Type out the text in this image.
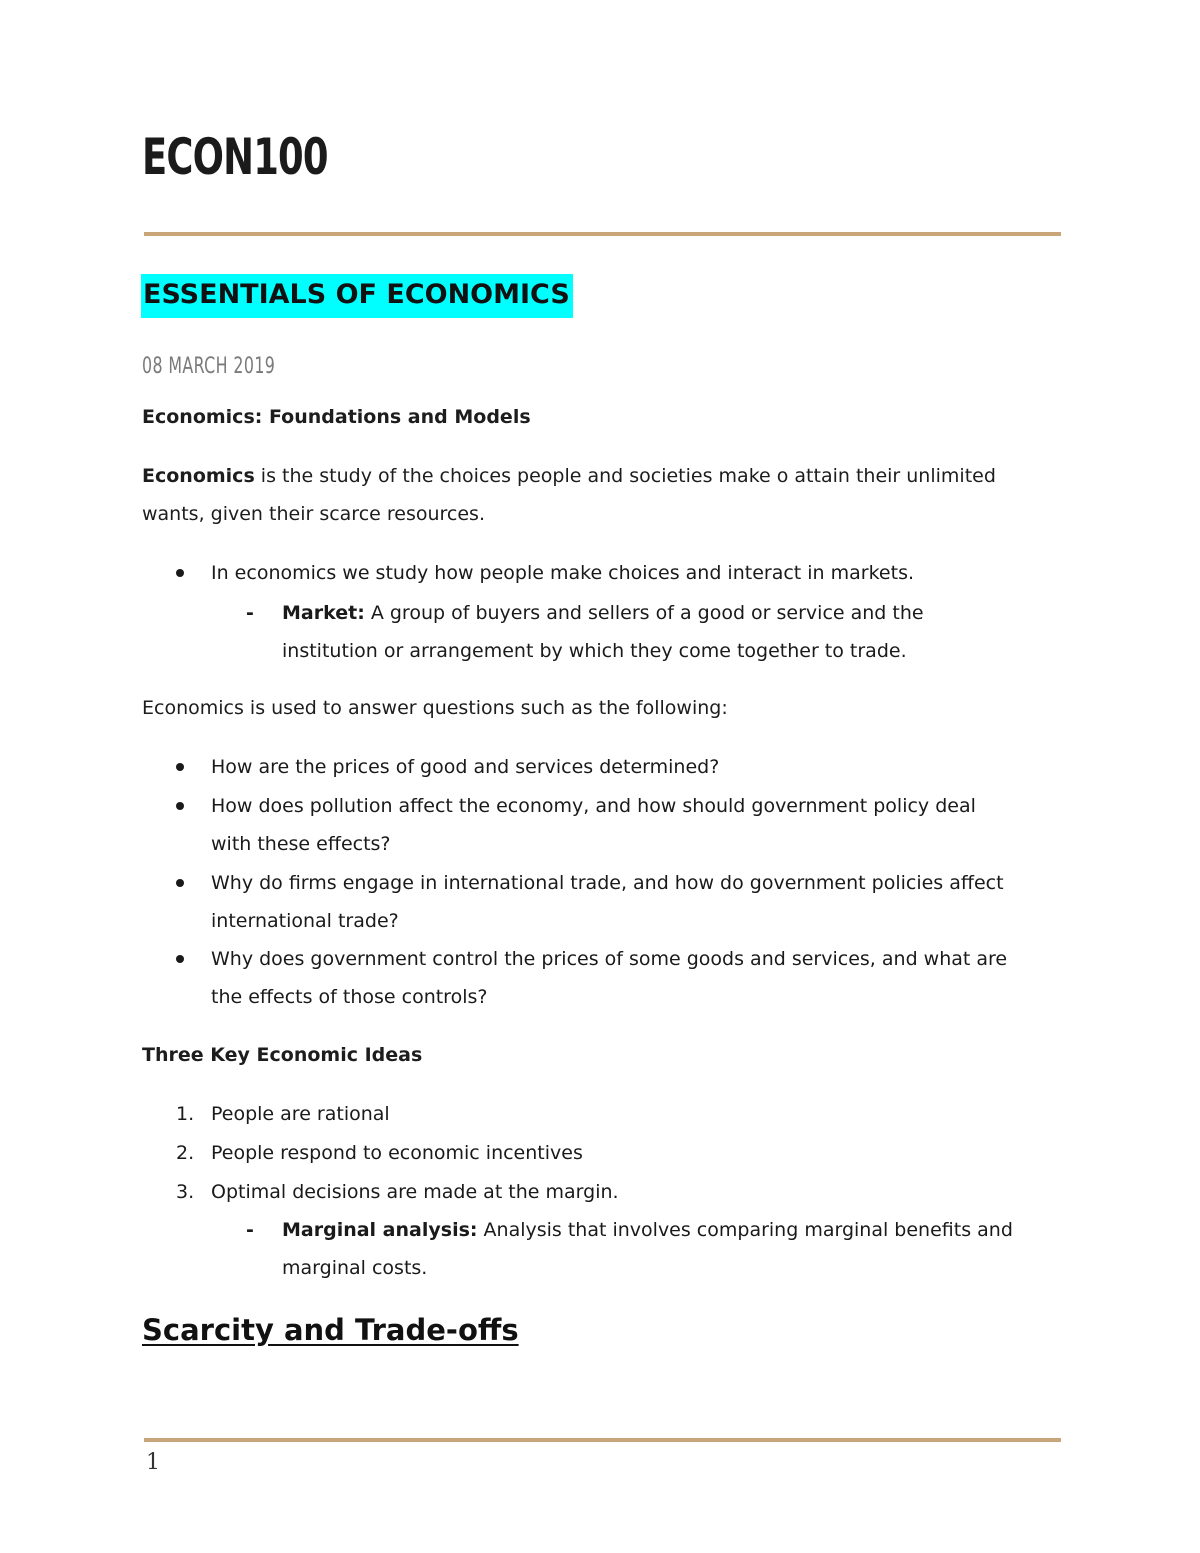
ECON100
ESSENTIALS OF ECONOMICS
08 MARCH 2019
Economics: Foundations and Models
Economics is the study of the choices people and societies make o attain their unlimited
wants, given their scarce resources.
In economics we study how people make choices and interact in markets.
- Market: A group of buyers and sellers of a good or service and the
institution or arrangement by which they come together to trade.
Economics is used to answer questions such as the following:
How are the prices of good and services determined?
How does pollution affect the economy, and how should government policy deal
with these effects?
Why do firms engage in international trade, and how do government policies affect
international trade?
Why does government control the prices of some goods and services, and what are
the effects of those controls?
Three Key Economic Ideas
1. People are rational
2. People respond to economic incentives
3. Optimal decisions are made at the margin.
- Marginal analysis: Analysis that involves comparing marginal benefits and
marginal costs.
Scarcity and Trade-offs
1
